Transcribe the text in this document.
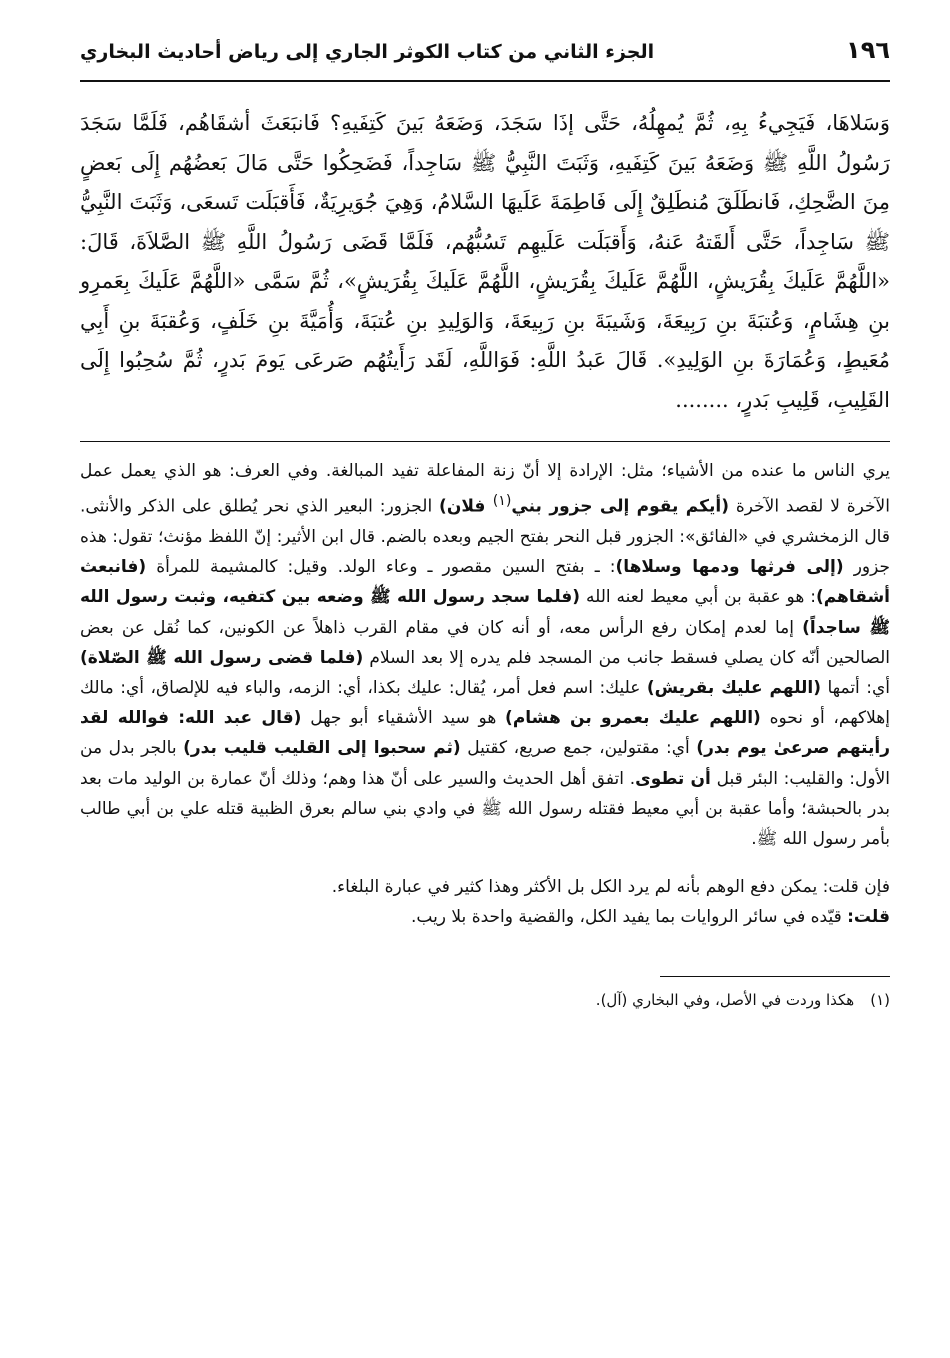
١٩٦
الجزء الثاني من كتاب الكوثر الجاري إلى رياض أحاديث البخاري

وَسَلاهَا، فَيَجِيءُ بِهِ، ثُمَّ يُمهِلُهُ، حَتَّى إذَا سَجَدَ، وَضَعَهُ بَينَ كَتِفَيهِ؟ فَانبَعَثَ أشقَاهُم، فَلَمَّا سَجَدَ رَسُولُ اللَّهِ ﷺ وَضَعَهُ بَينَ كَتِفَيهِ، وَثَبَتَ النَّبِيُّ ﷺ سَاجِداً، فَضَحِكُوا حَتَّى مَالَ بَعضُهُم إِلَى بَعضٍ مِنَ الضَّحِكِ، فَانطَلَقَ مُنطَلِقٌ إِلَى فَاطِمَةَ عَلَيهَا السَّلامُ، وَهِيَ جُوَيرِيَةٌ، فَأَقبَلَت تَسعَى، وَثَبَتَ النَّبِيُّ ﷺ سَاجِداً، حَتَّى أَلقَتهُ عَنهُ، وَأَقبَلَت عَلَيهِم تَسُبُّهُم، فَلَمَّا قَضَى رَسُولُ اللَّهِ ﷺ الصَّلاَةَ، قَالَ: «اللَّهُمَّ عَلَيكَ بِقُرَيشٍ، اللَّهُمَّ عَلَيكَ بِقُرَيشٍ، اللَّهُمَّ عَلَيكَ بِقُرَيشٍ»، ثُمَّ سَمَّى «اللَّهُمَّ عَلَيكَ بِعَمرِو بنِ هِشَامٍ، وَعُتبَةَ بنِ رَبِيعَةَ، وَشَيبَةَ بنِ رَبِيعَةَ، وَالوَلِيدِ بنِ عُتبَةَ، وَأُمَيَّةَ بنِ خَلَفٍ، وَعُقبَةَ بنِ أَبِي مُعَيطٍ، وَعُمَارَةَ بنِ الوَلِيدِ». قَالَ عَبدُ اللَّهِ: فَوَاللَّهِ، لَقَد رَأَيتُهُم صَرعَى يَومَ بَدرٍ، ثُمَّ سُحِبُوا إِلَى القَلِيبِ، قَلِيبِ بَدرٍ، ........

يري الناس ما عنده من الأشياء؛ مثل: الإرادة إلا أنّ زنة المفاعلة تفيد المبالغة. وفي العرف: هو الذي يعمل عمل الآخرة لا لقصد الآخرة (أيكم يقوم إلى جزور بني$^{(١)}$ فلان) الجزور: البعير الذي نحر يُطلق على الذكر والأنثى. قال الزمخشري في «الفائق»: الجزور قبل النحر بفتح الجيم وبعده بالضم. قال ابن الأثير: إنّ اللفظ مؤنث؛ تقول: هذه جزور (إلى فرثها ودمها وسلاها): ـ بفتح السين مقصور ـ وعاء الولد. وقيل: كالمشيمة للمرأة (فانبعث أشقاهم): هو عقبة بن أبي معيط لعنه الله (فلما سجد رسول الله ﷺ وضعه بين كتفيه، وثبت رسول الله ﷺ ساجداً) إما لعدم إمكان رفع الرأس معه، أو أنه كان في مقام القرب ذاهلاً عن الكونين، كما نُقل عن بعض الصالحين أنّه كان يصلي فسقط جانب من المسجد فلم يدره إلا بعد السلام (فلما قضى رسول الله ﷺ الصّلاة) أي: أتمها (اللهم عليك بقريش) عليك: اسم فعل أمر، يُقال: عليك بكذا، أي: الزمه، والباء فيه للإلصاق، أي: مالك إهلاكهم، أو نحوه (اللهم عليك بعمرو بن هشام) هو سيد الأشقياء أبو جهل (قال عبد الله: فوالله لقد رأيتهم صرعىٰ يوم بدر) أي: مقتولين، جمع صريع، كقتيل (ثم سحبوا إلى القليب قليب بدر) بالجر بدل من الأول: والقليب: البئر قبل أن تطوى. اتفق أهل الحديث والسير على أنّ هذا وهم؛ وذلك أنّ عمارة بن الوليد مات بعد بدر بالحبشة؛ وأما عقبة بن أبي معيط فقتله رسول الله ﷺ في وادي بني سالم بعرق الظبية قتله علي بن أبي طالب بأمر رسول الله ﷺ.

فإن قلت: يمكن دفع الوهم بأنه لم يرد الكل بل الأكثر وهذا كثير في عبارة البلغاء.
قلت: قيّده في سائر الروايات بما يفيد الكل، والقضية واحدة بلا ريب.

(١)هكذا وردت في الأصل، وفي البخاري (آل).
